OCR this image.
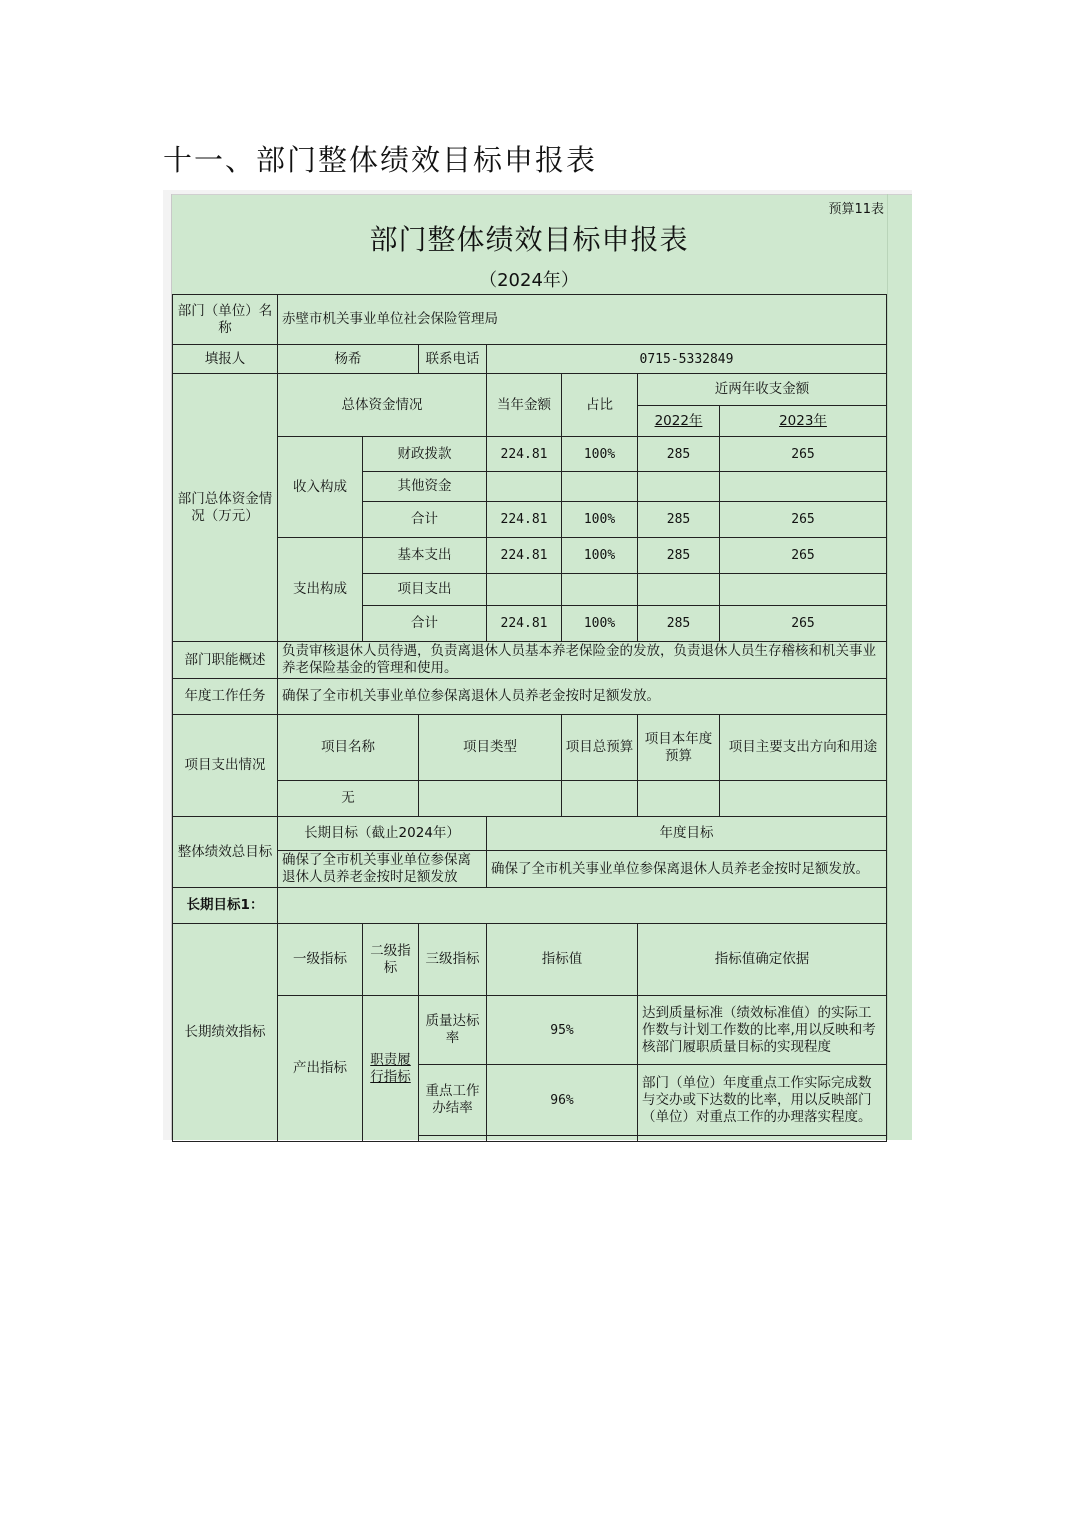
十一、部门整体绩效目标申报表
预算11表
部门整体绩效目标申报表
（2024年）
部门（单位）名称	赤壁市机关事业单位社会保险管理局						
填报人	杨希		联系电话	0715-5332849			
部门总体资金情况（万元）	总体资金情况			当年金额	占比	近两年收支金额	
						2022年	2023年
	收入构成	财政拨款		224.81	100%	285	265
		其他资金					
		合计		224.81	100%	285	265
	支出构成	基本支出		224.81	100%	285	265
		项目支出					
		合计		224.81	100%	285	265
部门职能概述	负责审核退休人员待遇，负责离退休人员基本养老保险金的发放，负责退休人员生存稽核和机关事业养老保险基金的管理和使用。						
年度工作任务	确保了全市机关事业单位参保离退休人员养老金按时足额发放。						
项目支出情况	项目名称		项目类型		项目总预算	项目本年度预算	项目主要支出方向和用途
	无						
整体绩效总目标	长期目标（截止2024年）			年度目标			
	确保了全市机关事业单位参保离退休人员养老金按时足额发放			确保了全市机关事业单位参保离退休人员养老金按时足额发放。			
长期目标1：							
长期绩效指标	一级指标	二级指标	三级指标	指标值		指标值确定依据	
	产出指标	职责履行指标	质量达标率	95%		达到质量标准（绩效标准值）的实际工作数与计划工作数的比率,用以反映和考核部门履职质量目标的实现程度	
			重点工作办结率	96%		部门（单位）年度重点工作实际完成数与交办或下达数的比率，用以反映部门（单位）对重点工作的办理落实程度。	
